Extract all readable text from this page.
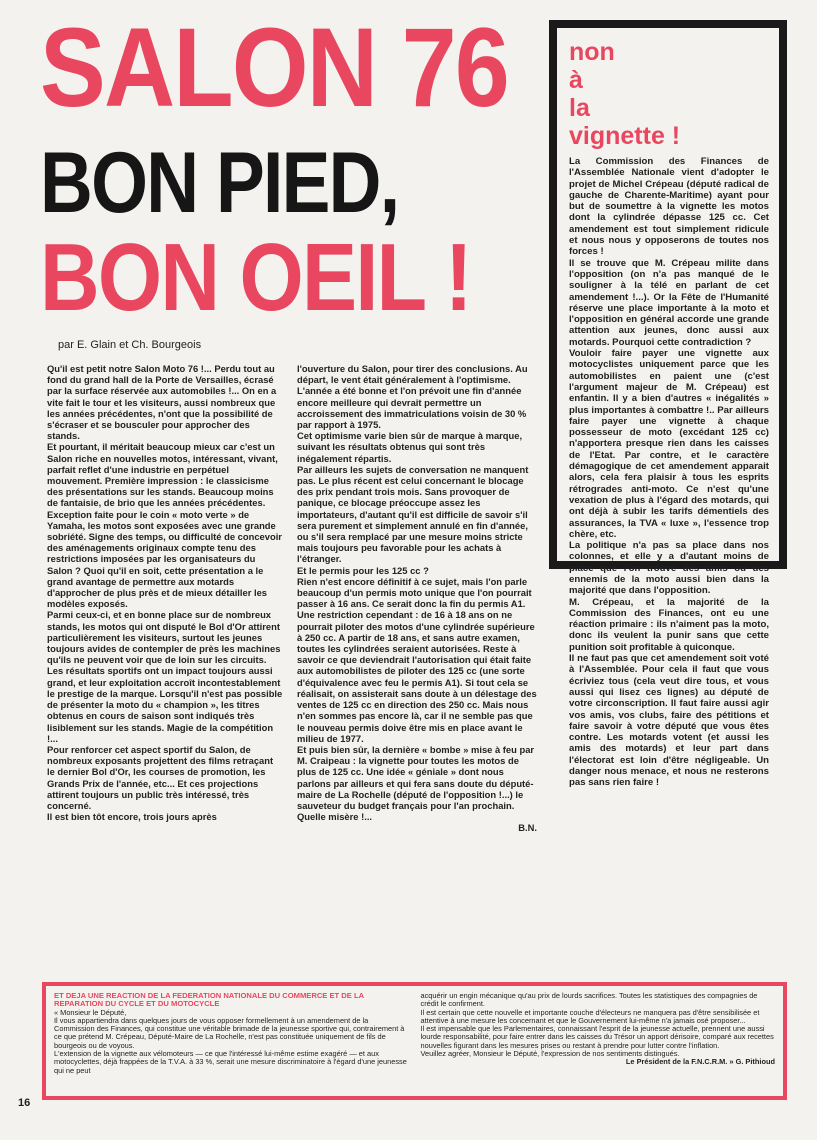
SALON 76
BON PIED,
BON OEIL !
par E. Glain et Ch. Bourgeois

Qu'il est petit notre Salon Moto 76 !... Perdu tout au fond du grand hall de la Porte de Versailles, écrasé par la surface réservée aux automobiles !... On en a vite fait le tour et les visiteurs, aussi nombreux que les années précédentes, n'ont que la possibilité de s'écraser et se bousculer pour approcher des stands.

Et pourtant, il méritait beaucoup mieux car c'est un Salon riche en nouvelles motos, intéressant, vivant, parfait reflet d'une industrie en perpétuel mouvement. Première impression : le classicisme des présentations sur les stands. Beaucoup moins de fantaisie, de brio que les années précédentes. Exception faite pour le coin « moto verte » de Yamaha, les motos sont exposées avec une grande sobriété. Signe des temps, ou difficulté de concevoir des aménagements originaux compte tenu des restrictions imposées par les organisateurs du Salon ? Quoi qu'il en soit, cette présentation a le grand avantage de permettre aux motards d'approcher de plus près et de mieux détailler les modèles exposés.

Parmi ceux-ci, et en bonne place sur de nombreux stands, les motos qui ont disputé le Bol d'Or attirent particulièrement les visiteurs, surtout les jeunes toujours avides de contempler de près les machines qu'ils ne peuvent voir que de loin sur les circuits. Les résultats sportifs ont un impact toujours aussi grand, et leur exploitation accroît incontestablement le prestige de la marque. Lorsqu'il n'est pas possible de présenter la moto du « champion », les titres obtenus en cours de saison sont indiqués très lisiblement sur les stands. Magie de la compétition !...

Pour renforcer cet aspect sportif du Salon, de nombreux exposants projettent des films retraçant le dernier Bol d'Or, les courses de promotion, les Grands Prix de l'année, etc... Et ces projections attirent toujours un public très intéressé, très concerné.

Il est bien tôt encore, trois jours après

l'ouverture du Salon, pour tirer des conclusions. Au départ, le vent était généralement à l'optimisme. L'année a été bonne et l'on prévoit une fin d'année encore meilleure qui devrait permettre un accroissement des immatriculations voisin de 30 % par rapport à 1975.

Cet optimisme varie bien sûr de marque à marque, suivant les résultats obtenus qui sont très inégalement répartis.

Par ailleurs les sujets de conversation ne manquent pas. Le plus récent est celui concernant le blocage des prix pendant trois mois. Sans provoquer de panique, ce blocage préoccupe assez les importateurs, d'autant qu'il est difficile de savoir s'il sera purement et simplement annulé en fin d'année, ou s'il sera remplacé par une mesure moins stricte mais toujours peu favorable pour les achats à l'étranger.

Et le permis pour les 125 cc ?

Rien n'est encore définitif à ce sujet, mais l'on parle beaucoup d'un permis moto unique que l'on pourrait passer à 16 ans. Ce serait donc la fin du permis A1. Une restriction cependant : de 16 à 18 ans on ne pourrait piloter des motos d'une cylindrée supérieure à 250 cc. A partir de 18 ans, et sans autre examen, toutes les cylindrées seraient autorisées. Reste à savoir ce que deviendrait l'autorisation qui était faite aux automobilistes de piloter des 125 cc (une sorte d'équivalence avec feu le permis A1). Si tout cela se réalisait, on assisterait sans doute à un délestage des ventes de 125 cc en direction des 250 cc. Mais nous n'en sommes pas encore là, car il ne semble pas que le nouveau permis doive être mis en place avant le milieu de 1977.

Et puis bien sûr, la dernière « bombe » mise à feu par M. Craipeau : la vignette pour toutes les motos de plus de 125 cc. Une idée « géniale » dont nous parlons par ailleurs et qui fera sans doute du député-maire de La Rochelle (député de l'opposition !...) le sauveteur du budget français pour l'an prochain. Quelle misère !...

B.N.

non
à
la
vignette !

La Commission des Finances de l'Assemblée Nationale vient d'adopter le projet de Michel Crépeau (député radical de gauche de Charente-Maritime) ayant pour but de soumettre à la vignette les motos dont la cylindrée dépasse 125 cc. Cet amendement est tout simplement ridicule et nous nous y opposerons de toutes nos forces !

Il se trouve que M. Crépeau milite dans l'opposition (on n'a pas manqué de le souligner à la télé en parlant de cet amendement !...). Or la Fête de l'Humanité réserve une place importante à la moto et l'opposition en général accorde une grande attention aux jeunes, donc aussi aux motards. Pourquoi cette contradiction ?

Vouloir faire payer une vignette aux motocyclistes uniquement parce que les automobilistes en paient une (c'est l'argument majeur de M. Crépeau) est enfantin. Il y a bien d'autres « inégalités » plus importantes à combattre !.. Par ailleurs faire payer une vignette à chaque possesseur de moto (excédant 125 cc) n'apportera presque rien dans les caisses de l'Etat. Par contre, et le caractère démagogique de cet amendement apparait alors, cela fera plaisir à tous les esprits rétrogrades anti-moto. Ce n'est qu'une vexation de plus à l'égard des motards, qui ont déjà à subir les tarifs démentiels des assurances, la TVA « luxe », l'essence trop chère, etc.

La politique n'a pas sa place dans nos colonnes, et elle y a d'autant moins de place que l'on trouve des amis ou des ennemis de la moto aussi bien dans la majorité que dans l'opposition.

M. Crépeau, et la majorité de la Commission des Finances, ont eu une réaction primaire : ils n'aiment pas la moto, donc ils veulent la punir sans que cette punition soit profitable à quiconque.

Il ne faut pas que cet amendement soit voté à l'Assemblée. Pour cela il faut que vous écriviez tous (cela veut dire tous, et vous aussi qui lisez ces lignes) au député de votre circonscription. Il faut faire aussi agir vos amis, vos clubs, faire des pétitions et faire savoir à votre député que vous êtes contre. Les motards votent (et aussi les amis des motards) et leur part dans l'électorat est loin d'être négligeable. Un danger nous menace, et nous ne resterons pas sans rien faire !

ET DEJA UNE REACTION DE LA FEDERATION NATIONALE DU COMMERCE ET DE LA REPARATION DU CYCLE ET DU MOTOCYCLE

« Monsieur le Député,

Il vous appartiendra dans quelques jours de vous opposer formellement à un amendement de la Commission des Finances, qui constitue une véritable brimade de la jeunesse sportive qui, contrairement à ce que prétend M. Crépeau, Député-Maire de La Rochelle, n'est pas constituée uniquement de fils de bourgeois ou de voyous.

L'extension de la vignette aux vélomoteurs — ce que l'intéressé lui-même estime exagéré — et aux motocyclettes, déjà frappées de la T.V.A. à 33 %, serait une mesure discriminatoire à l'égard d'une jeunesse qui ne peut

acquérir un engin mécanique qu'au prix de lourds sacrifices. Toutes les statistiques des compagnies de crédit le confirment.

Il est certain que cette nouvelle et importante couche d'électeurs ne manquera pas d'être sensibilisée et attentive à une mesure les concernant et que le Gouvernement lui-même n'a jamais osé proposer...

Il est impensable que les Parlementaires, connaissant l'esprit de la jeunesse actuelle, prennent une aussi lourde responsabilité, pour faire entrer dans les caisses du Trésor un apport dérisoire, comparé aux recettes nouvelles figurant dans les mesures prises ou restant à prendre pour lutter contre l'inflation.

Veuillez agréer, Monsieur le Député, l'expression de nos sentiments distingués.

Le Président de la F.N.C.R.M. » G. Pithioud

16
